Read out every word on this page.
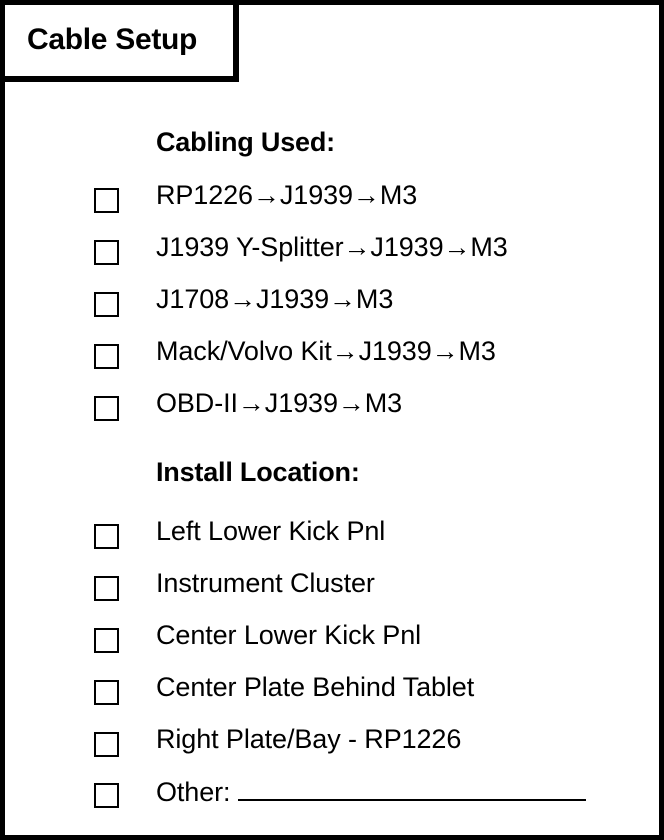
Cable Setup
Cabling Used:
RP1226→J1939→M3
J1939 Y-Splitter→J1939→M3
J1708→J1939→M3
Mack/Volvo Kit→J1939→M3
OBD-II→J1939→M3
Install Location:
Left Lower Kick Pnl
Instrument Cluster
Center Lower Kick Pnl
Center Plate Behind Tablet
Right Plate/Bay - RP1226
Other:
